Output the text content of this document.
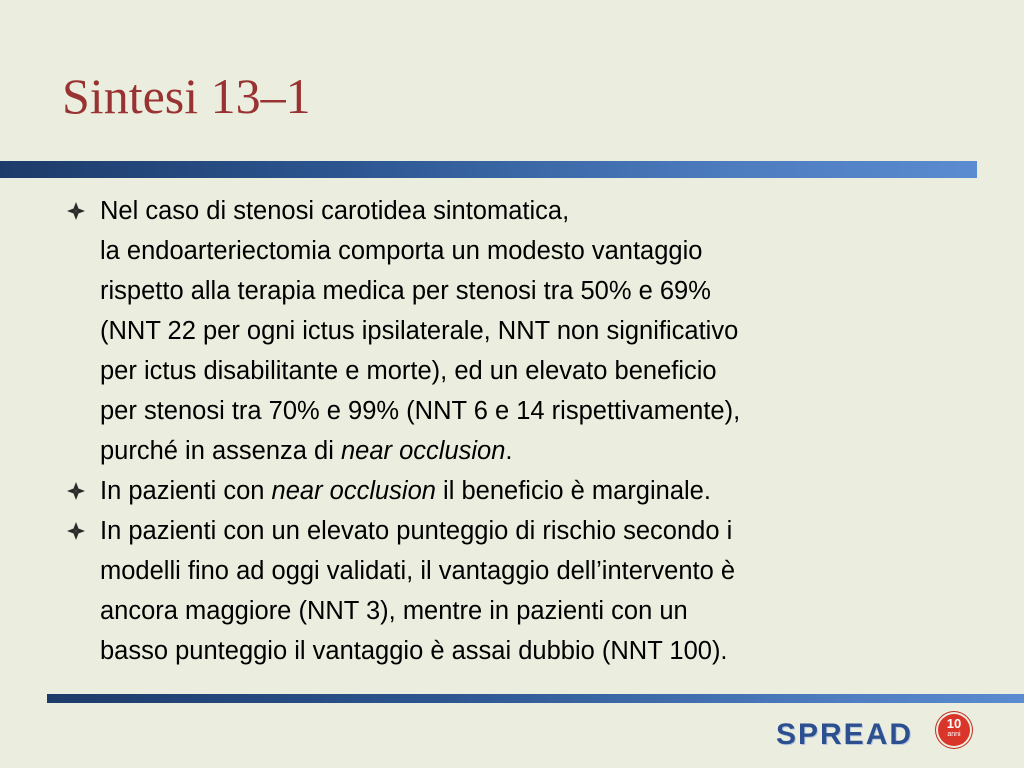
Sintesi 13–1
Nel caso di stenosi carotidea sintomatica,
la endoarteriectomia comporta un modesto vantaggio
rispetto alla terapia medica per stenosi tra 50% e 69%
(NNT 22 per ogni ictus ipsilaterale, NNT non significativo
per ictus disabilitante e morte), ed un elevato beneficio
per stenosi tra 70% e 99% (NNT 6 e 14 rispettivamente),
purché in assenza di near occlusion.
In pazienti con near occlusion il beneficio è marginale.
In pazienti con un elevato punteggio di rischio secondo i
modelli fino ad oggi validati, il vantaggio dell’intervento è
ancora maggiore (NNT 3), mentre in pazienti con un
basso punteggio il vantaggio è assai dubbio (NNT 100).
SPREAD	10
anni
